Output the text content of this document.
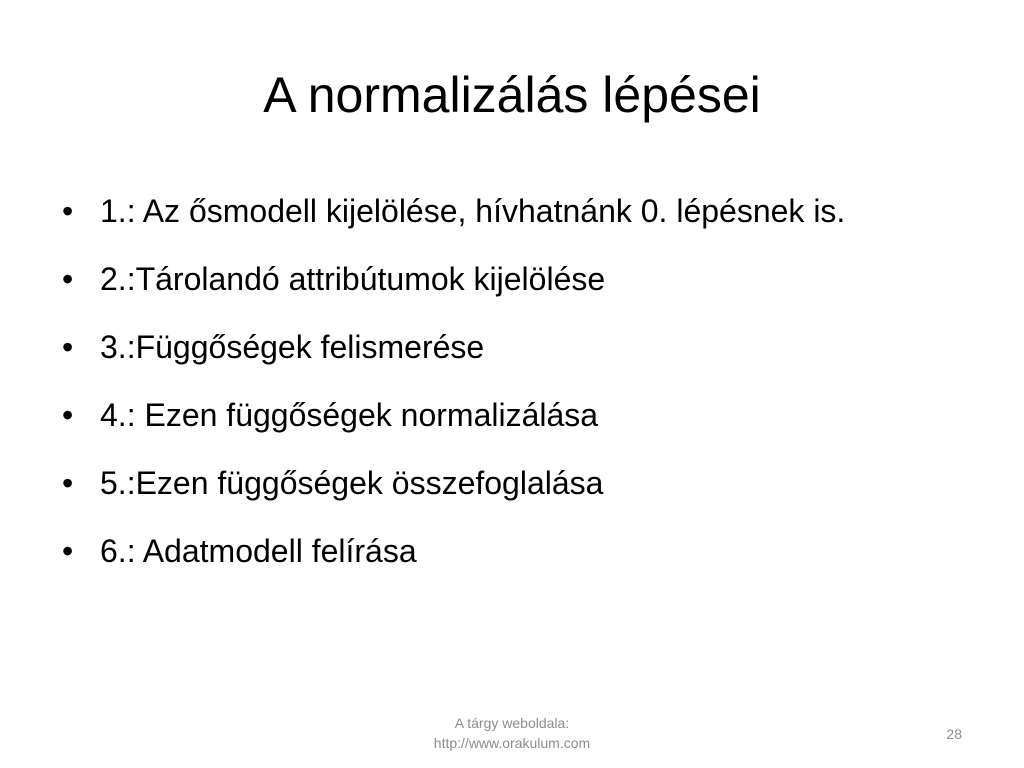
A normalizálás lépései
• 1.: Az ősmodell kijelölése, hívhatnánk 0. lépésnek is.
• 2.:Tárolandó attribútumok kijelölése
• 3.:Függőségek felismerése
• 4.: Ezen függőségek normalizálása
• 5.:Ezen függőségek összefoglalása
• 6.: Adatmodell felírása
A tárgy weboldala:
http://www.orakulum.com
28
